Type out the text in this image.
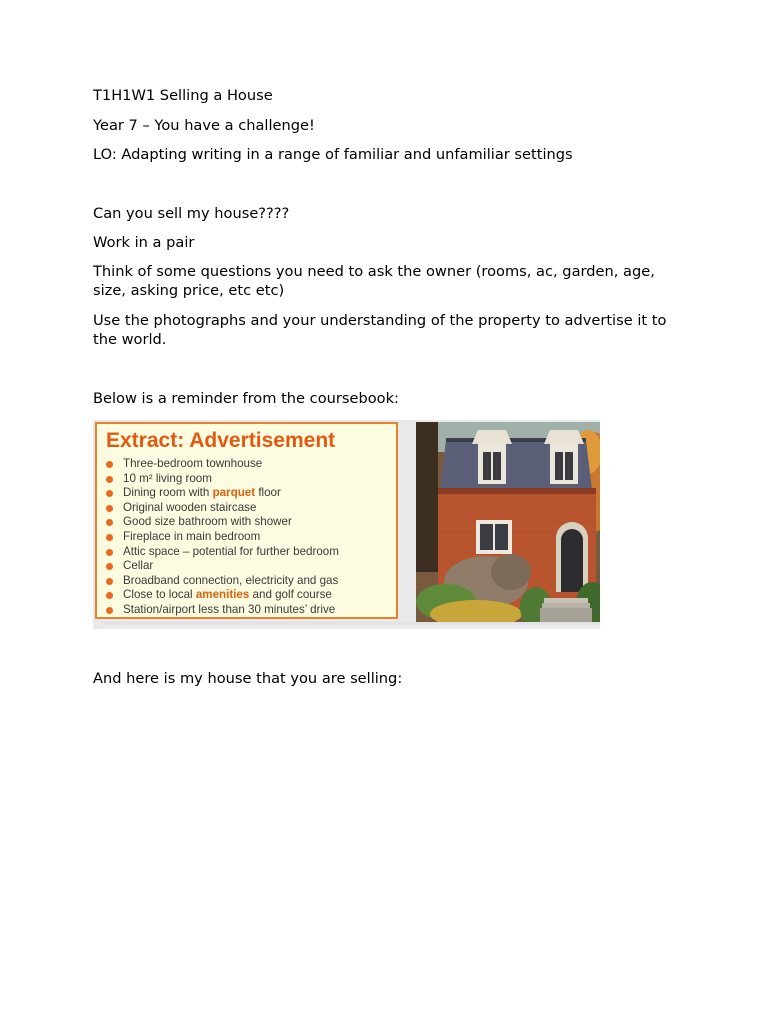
T1H1W1 Selling a House

Year 7 – You have a challenge!

LO: Adapting writing in a range of familiar and unfamiliar settings

Can you sell my house????

Work in a pair

Think of some questions you need to ask the owner (rooms, ac, garden, age, size, asking price, etc etc)

Use the photographs and your understanding of the property to advertise it to the world.

Below is a reminder from the coursebook:

Extract: Advertisement
Three-bedroom townhouse
10 m² living room
Dining room with parquet floor
Original wooden staircase
Good size bathroom with shower
Fireplace in main bedroom
Attic space – potential for further bedroom
Cellar
Broadband connection, electricity and gas
Close to local amenities and golf course
Station/airport less than 30 minutes’ drive

And here is my house that you are selling:
